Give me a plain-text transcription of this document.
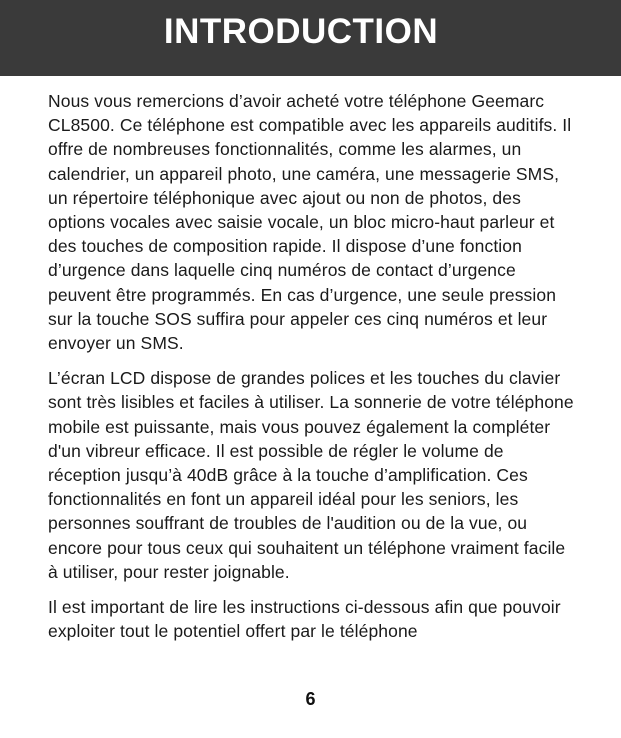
INTRODUCTION

Nous vous remercions d’avoir acheté votre téléphone Geemarc CL8500. Ce téléphone est compatible avec les appareils auditifs. Il offre de nombreuses fonctionnalités, comme les alarmes, un calendrier, un appareil photo, une caméra, une messagerie SMS, un répertoire téléphonique avec ajout ou non de photos, des options vocales avec saisie vocale, un bloc micro-haut parleur et des touches de composition rapide. Il dispose d’une fonction d’urgence dans laquelle cinq numéros de contact d’urgence peuvent être programmés. En cas d’urgence, une seule pression sur la touche SOS suffira pour appeler ces cinq numéros et leur envoyer un SMS.

L’écran LCD dispose de grandes polices et les touches du clavier sont très lisibles et faciles à utiliser. La sonnerie de votre téléphone mobile est puissante, mais vous pouvez également la compléter d'un vibreur efficace. Il est possible de régler le volume de réception jusqu’à 40dB grâce à la touche d’amplification. Ces fonctionnalités en font un appareil idéal pour les seniors, les personnes souffrant de troubles de l'audition ou de la vue, ou encore pour tous ceux qui souhaitent un téléphone vraiment facile à utiliser, pour rester joignable.

Il est important de lire les instructions ci-dessous afin que pouvoir exploiter tout le potentiel offert par le téléphone

6
